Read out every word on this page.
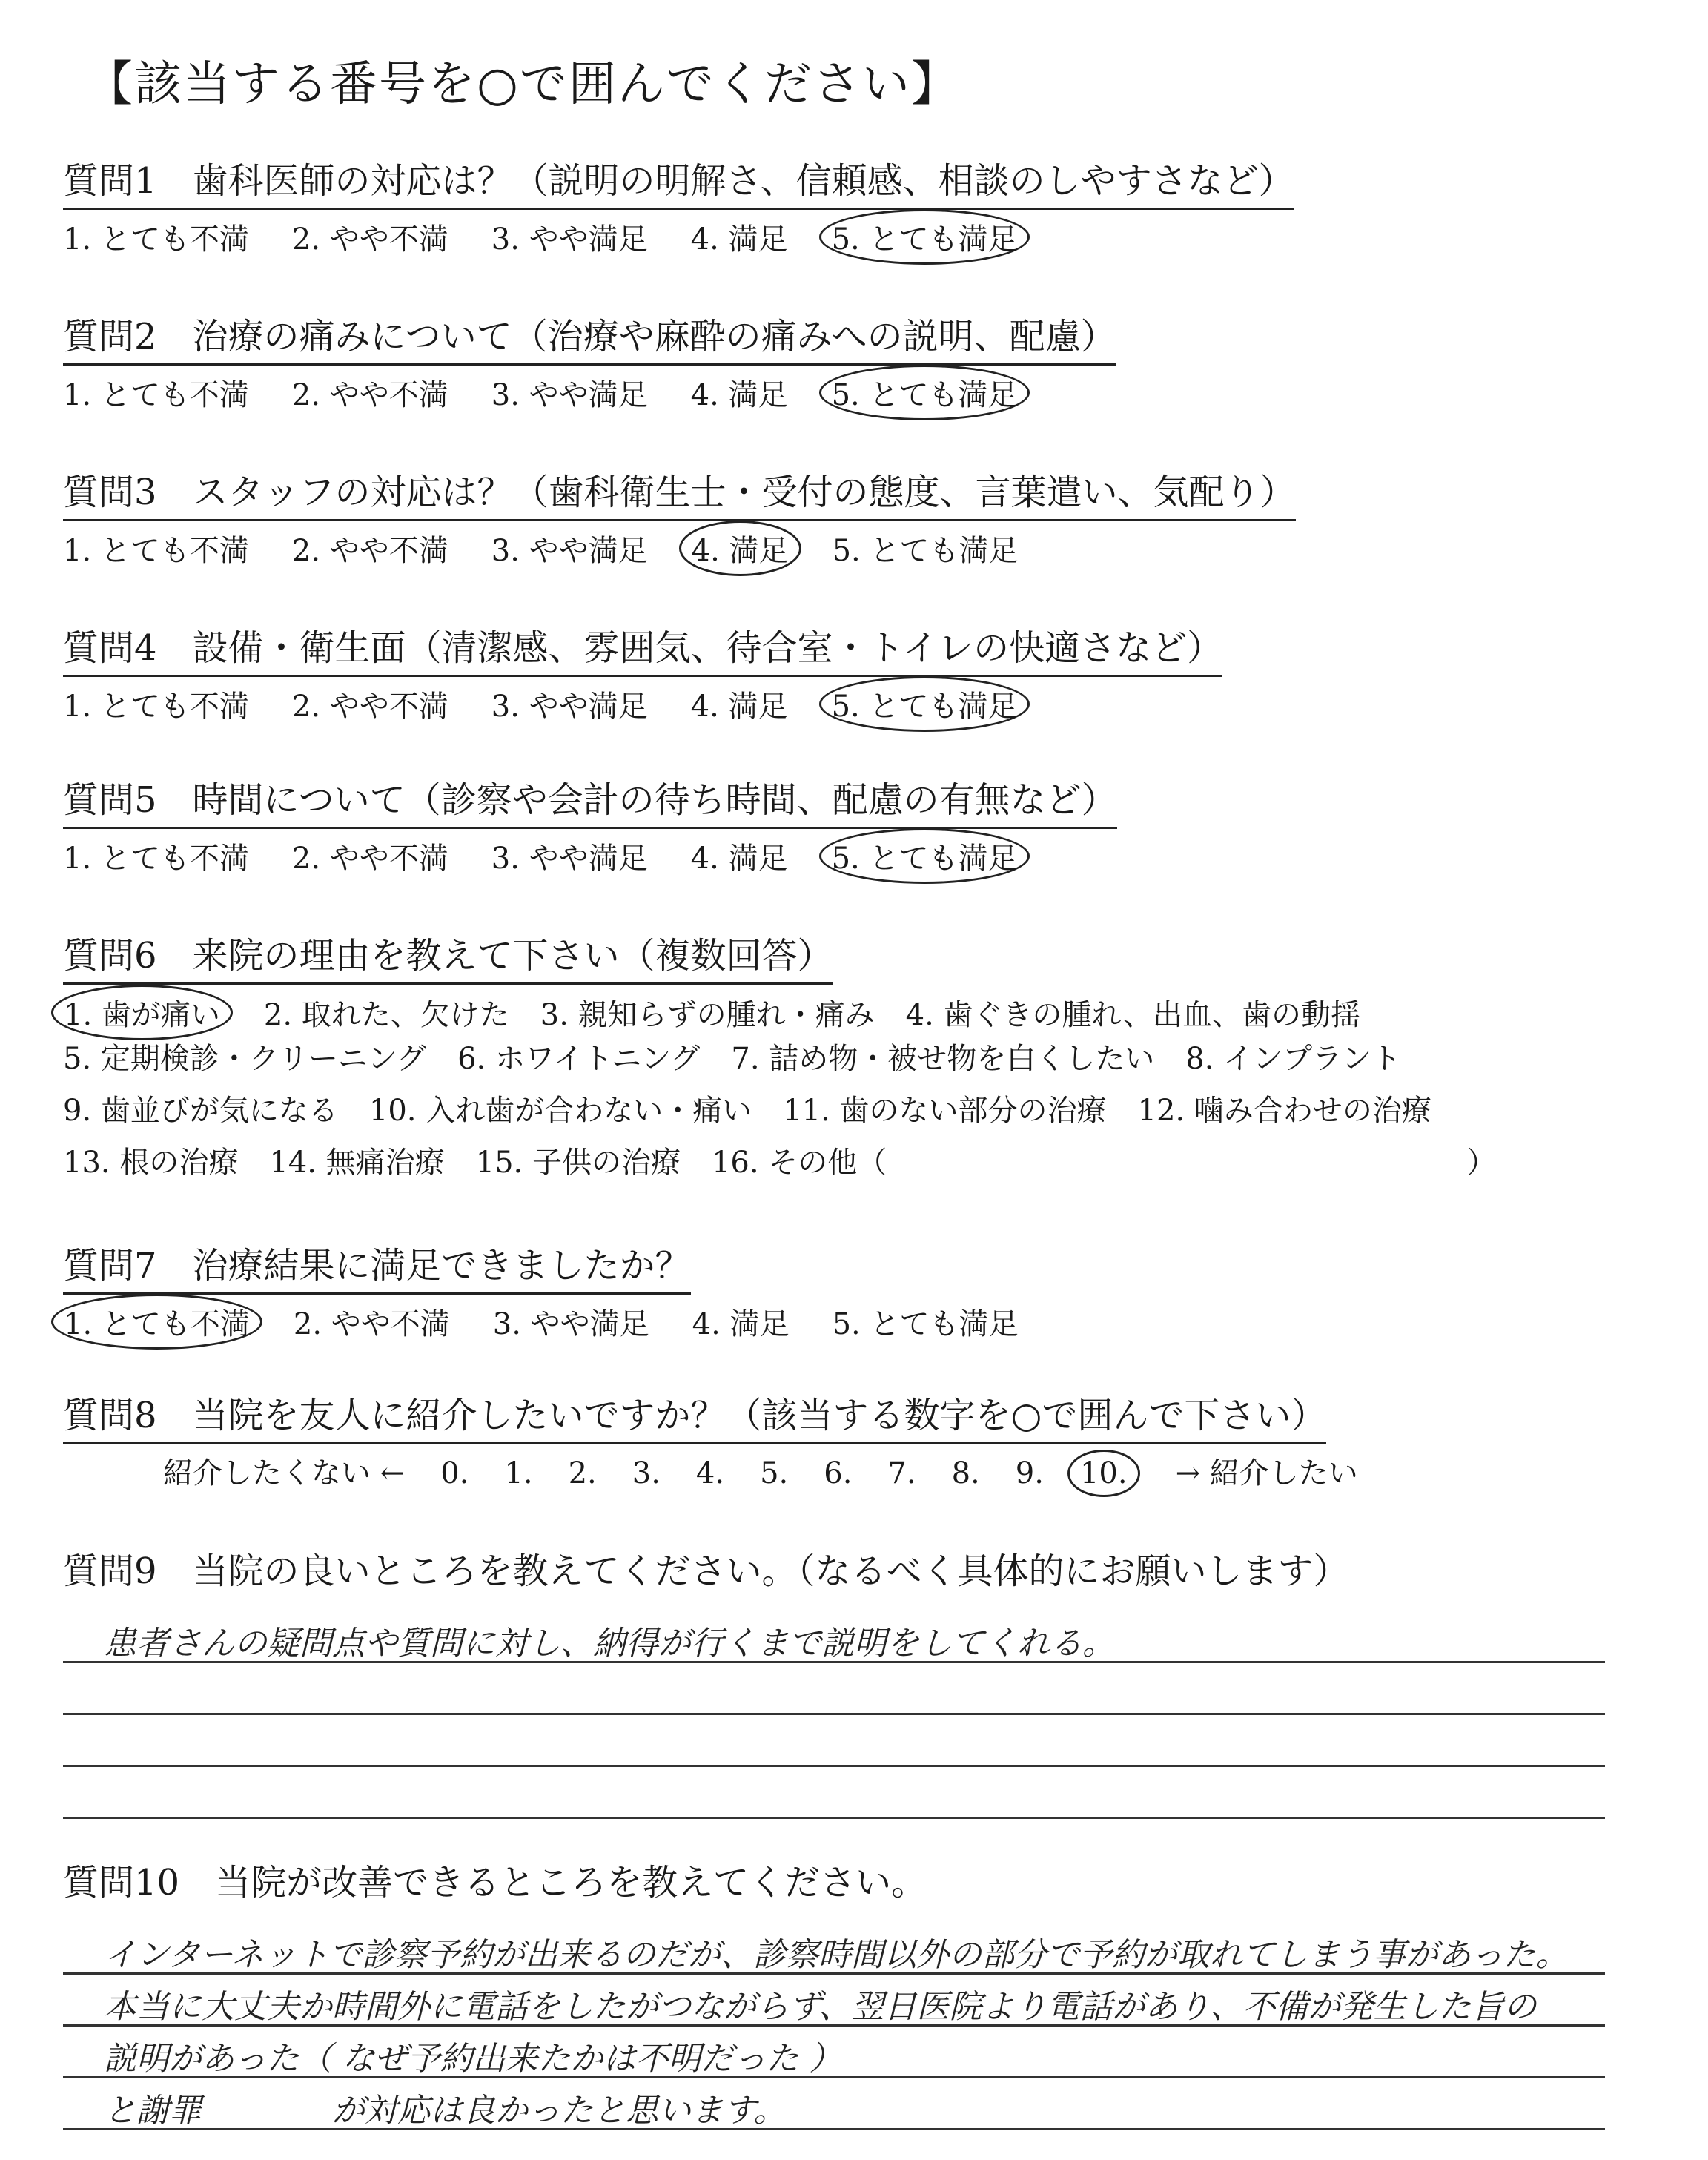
【該当する番号を○で囲んでください】
質問1　歯科医師の対応は？（説明の明解さ、信頼感、相談のしやすさなど）
1. とても不満 2. やや不満 3. やや満足 4. 満足 5. とても満足
質問2　治療の痛みについて（治療や麻酔の痛みへの説明、配慮）
1. とても不満 2. やや不満 3. やや満足 4. 満足 5. とても満足
質問3　スタッフの対応は？（歯科衛生士・受付の態度、言葉遣い、気配り）
1. とても不満 2. やや不満 3. やや満足 4. 満足 5. とても満足
質問4　設備・衛生面（清潔感、雰囲気、待合室・トイレの快適さなど）
1. とても不満 2. やや不満 3. やや満足 4. 満足 5. とても満足
質問5　時間について（診察や会計の待ち時間、配慮の有無など）
1. とても不満 2. やや不満 3. やや満足 4. 満足 5. とても満足
質問6　来院の理由を教えて下さい（複数回答）
1. 歯が痛い 2. 取れた、欠けた 3. 親知らずの腫れ・痛み 4. 歯ぐきの腫れ、出血、歯の動揺
5. 定期検診・クリーニング 6. ホワイトニング 7. 詰め物・被せ物を白くしたい 8. インプラント
9. 歯並びが気になる 10. 入れ歯が合わない・痛い 11. 歯のない部分の治療 12. 噛み合わせの治療
13. 根の治療 14. 無痛治療 15. 子供の治療 16. その他（	）
質問7　治療結果に満足できましたか？
1. とても不満 2. やや不満 3. やや満足 4. 満足 5. とても満足
質問8　当院を友人に紹介したいですか？（該当する数字を○で囲んで下さい）
紹介したくない ← 0. 1. 2. 3. 4. 5. 6. 7. 8. 9. 10. → 紹介したい
質問9　当院の良いところを教えてください。（なるべく具体的にお願いします）
患者さんの疑問点や質問に対し、納得が行くまで説明をしてくれる。
質問10　当院が改善できるところを教えてください。
インターネットで診察予約が出来るのだが、診察時間以外の部分で予約が取れてしまう事があった。
本当に大丈夫か時間外に電話をしたがつながらず、翌日医院より電話があり、不備が発生した旨の
説明があった（ なぜ予約出来たかは不明だった ）
と謝罪　　　　が対応は良かったと思います。
